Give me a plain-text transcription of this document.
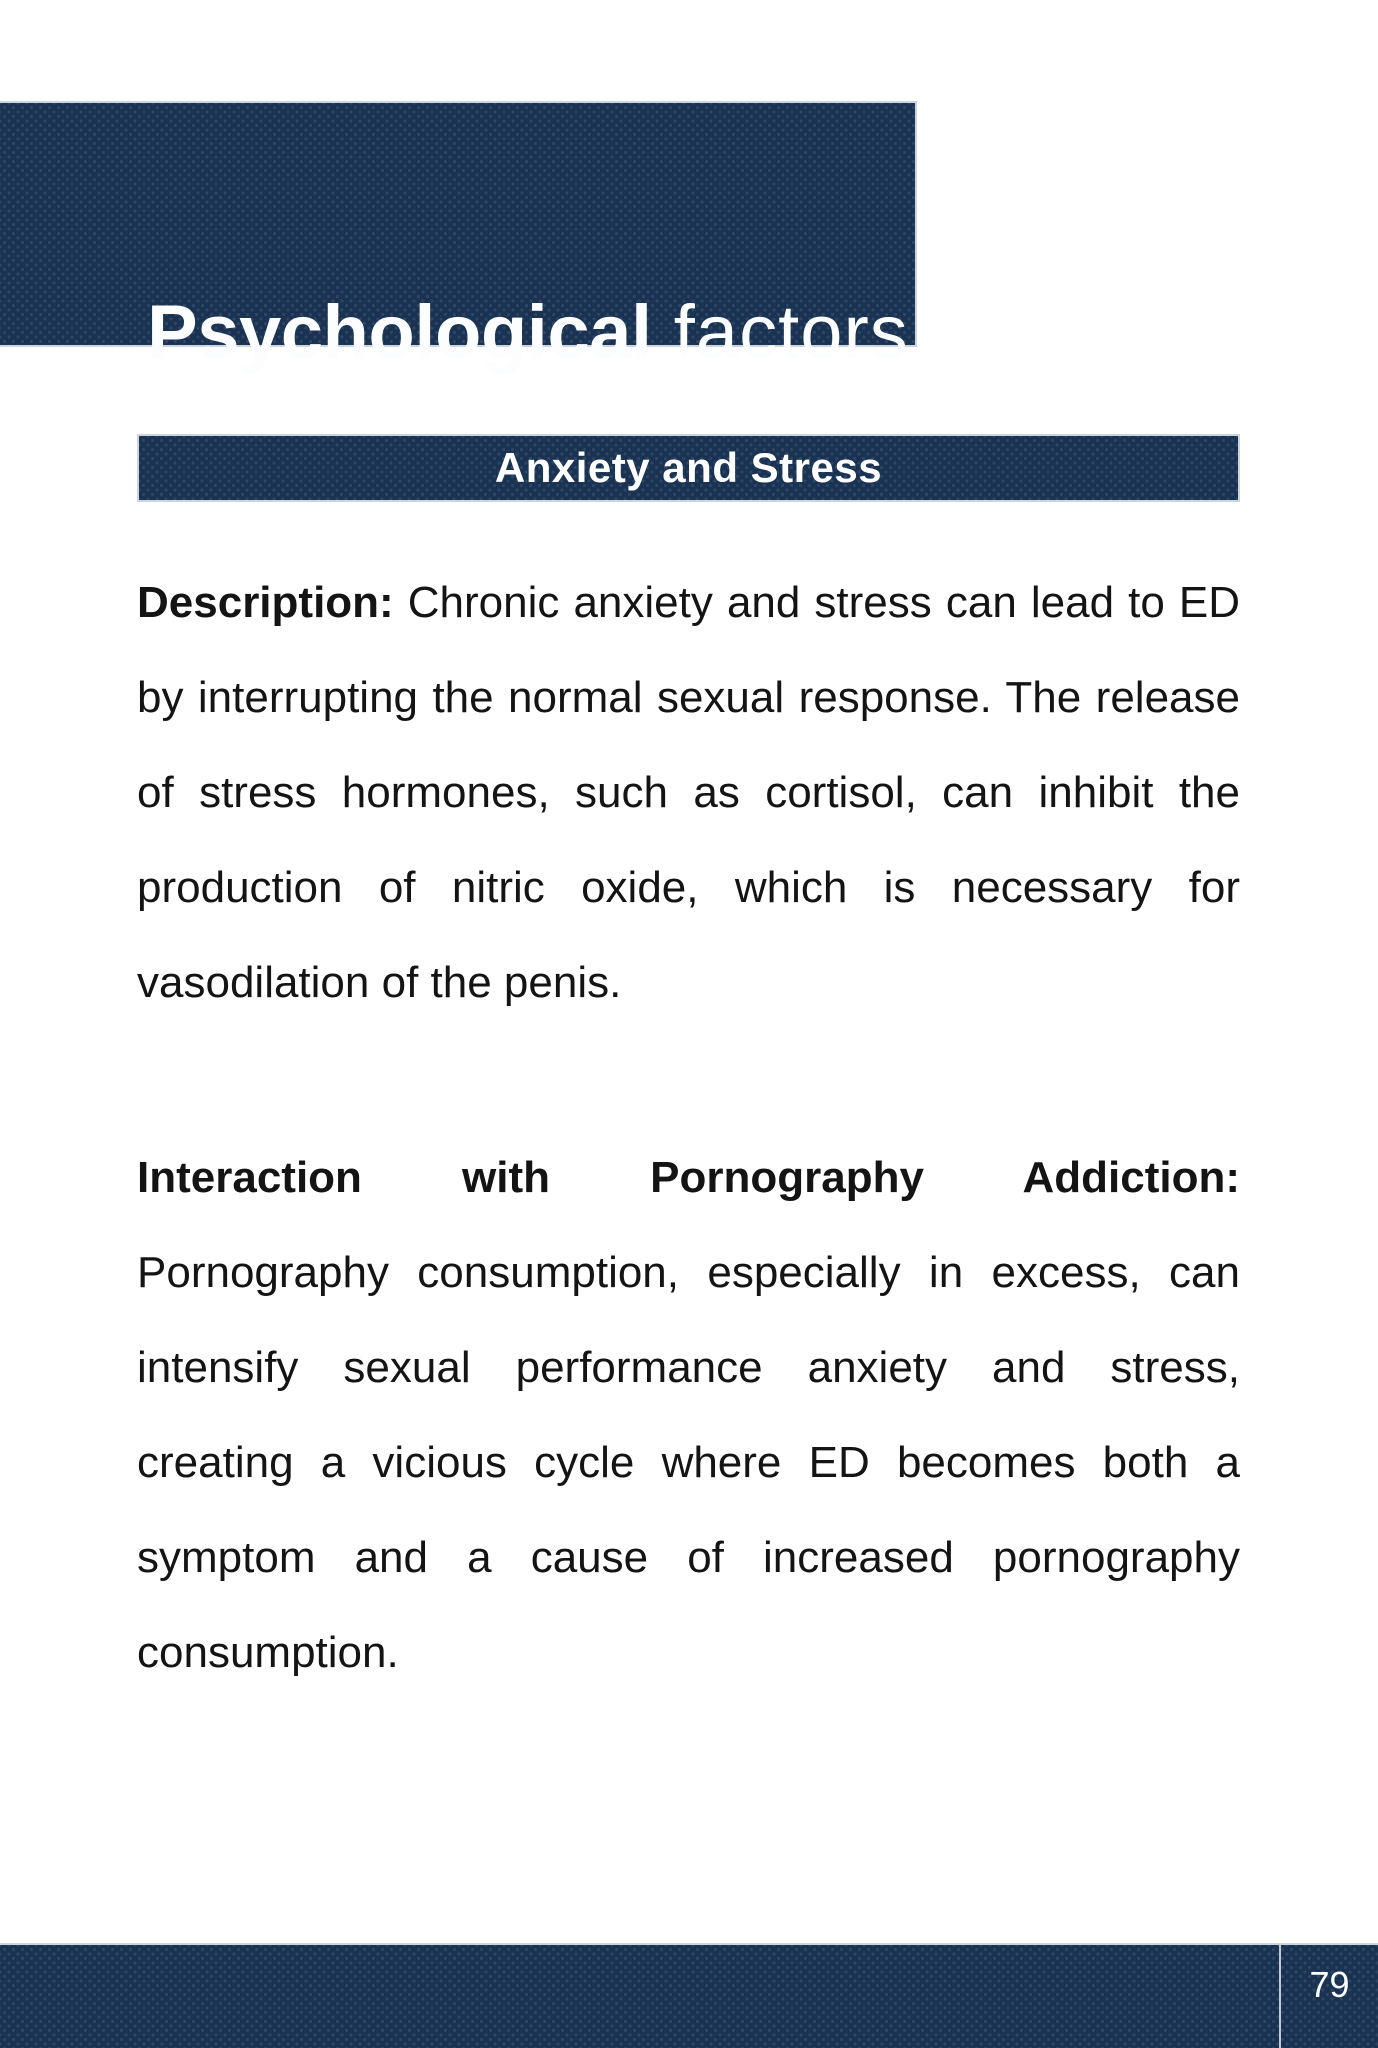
Psychological factors
Anxiety and Stress
Description: Chronic anxiety and stress can lead to ED
by interrupting the normal sexual response. The release
of stress hormones, such as cortisol, can inhibit the
production of nitric oxide, which is necessary for
vasodilation of the penis.
Interaction with Pornography Addiction:
Pornography consumption, especially in excess, can
intensify sexual performance anxiety and stress,
creating a vicious cycle where ED becomes both a
symptom and a cause of increased pornography
consumption.
79
